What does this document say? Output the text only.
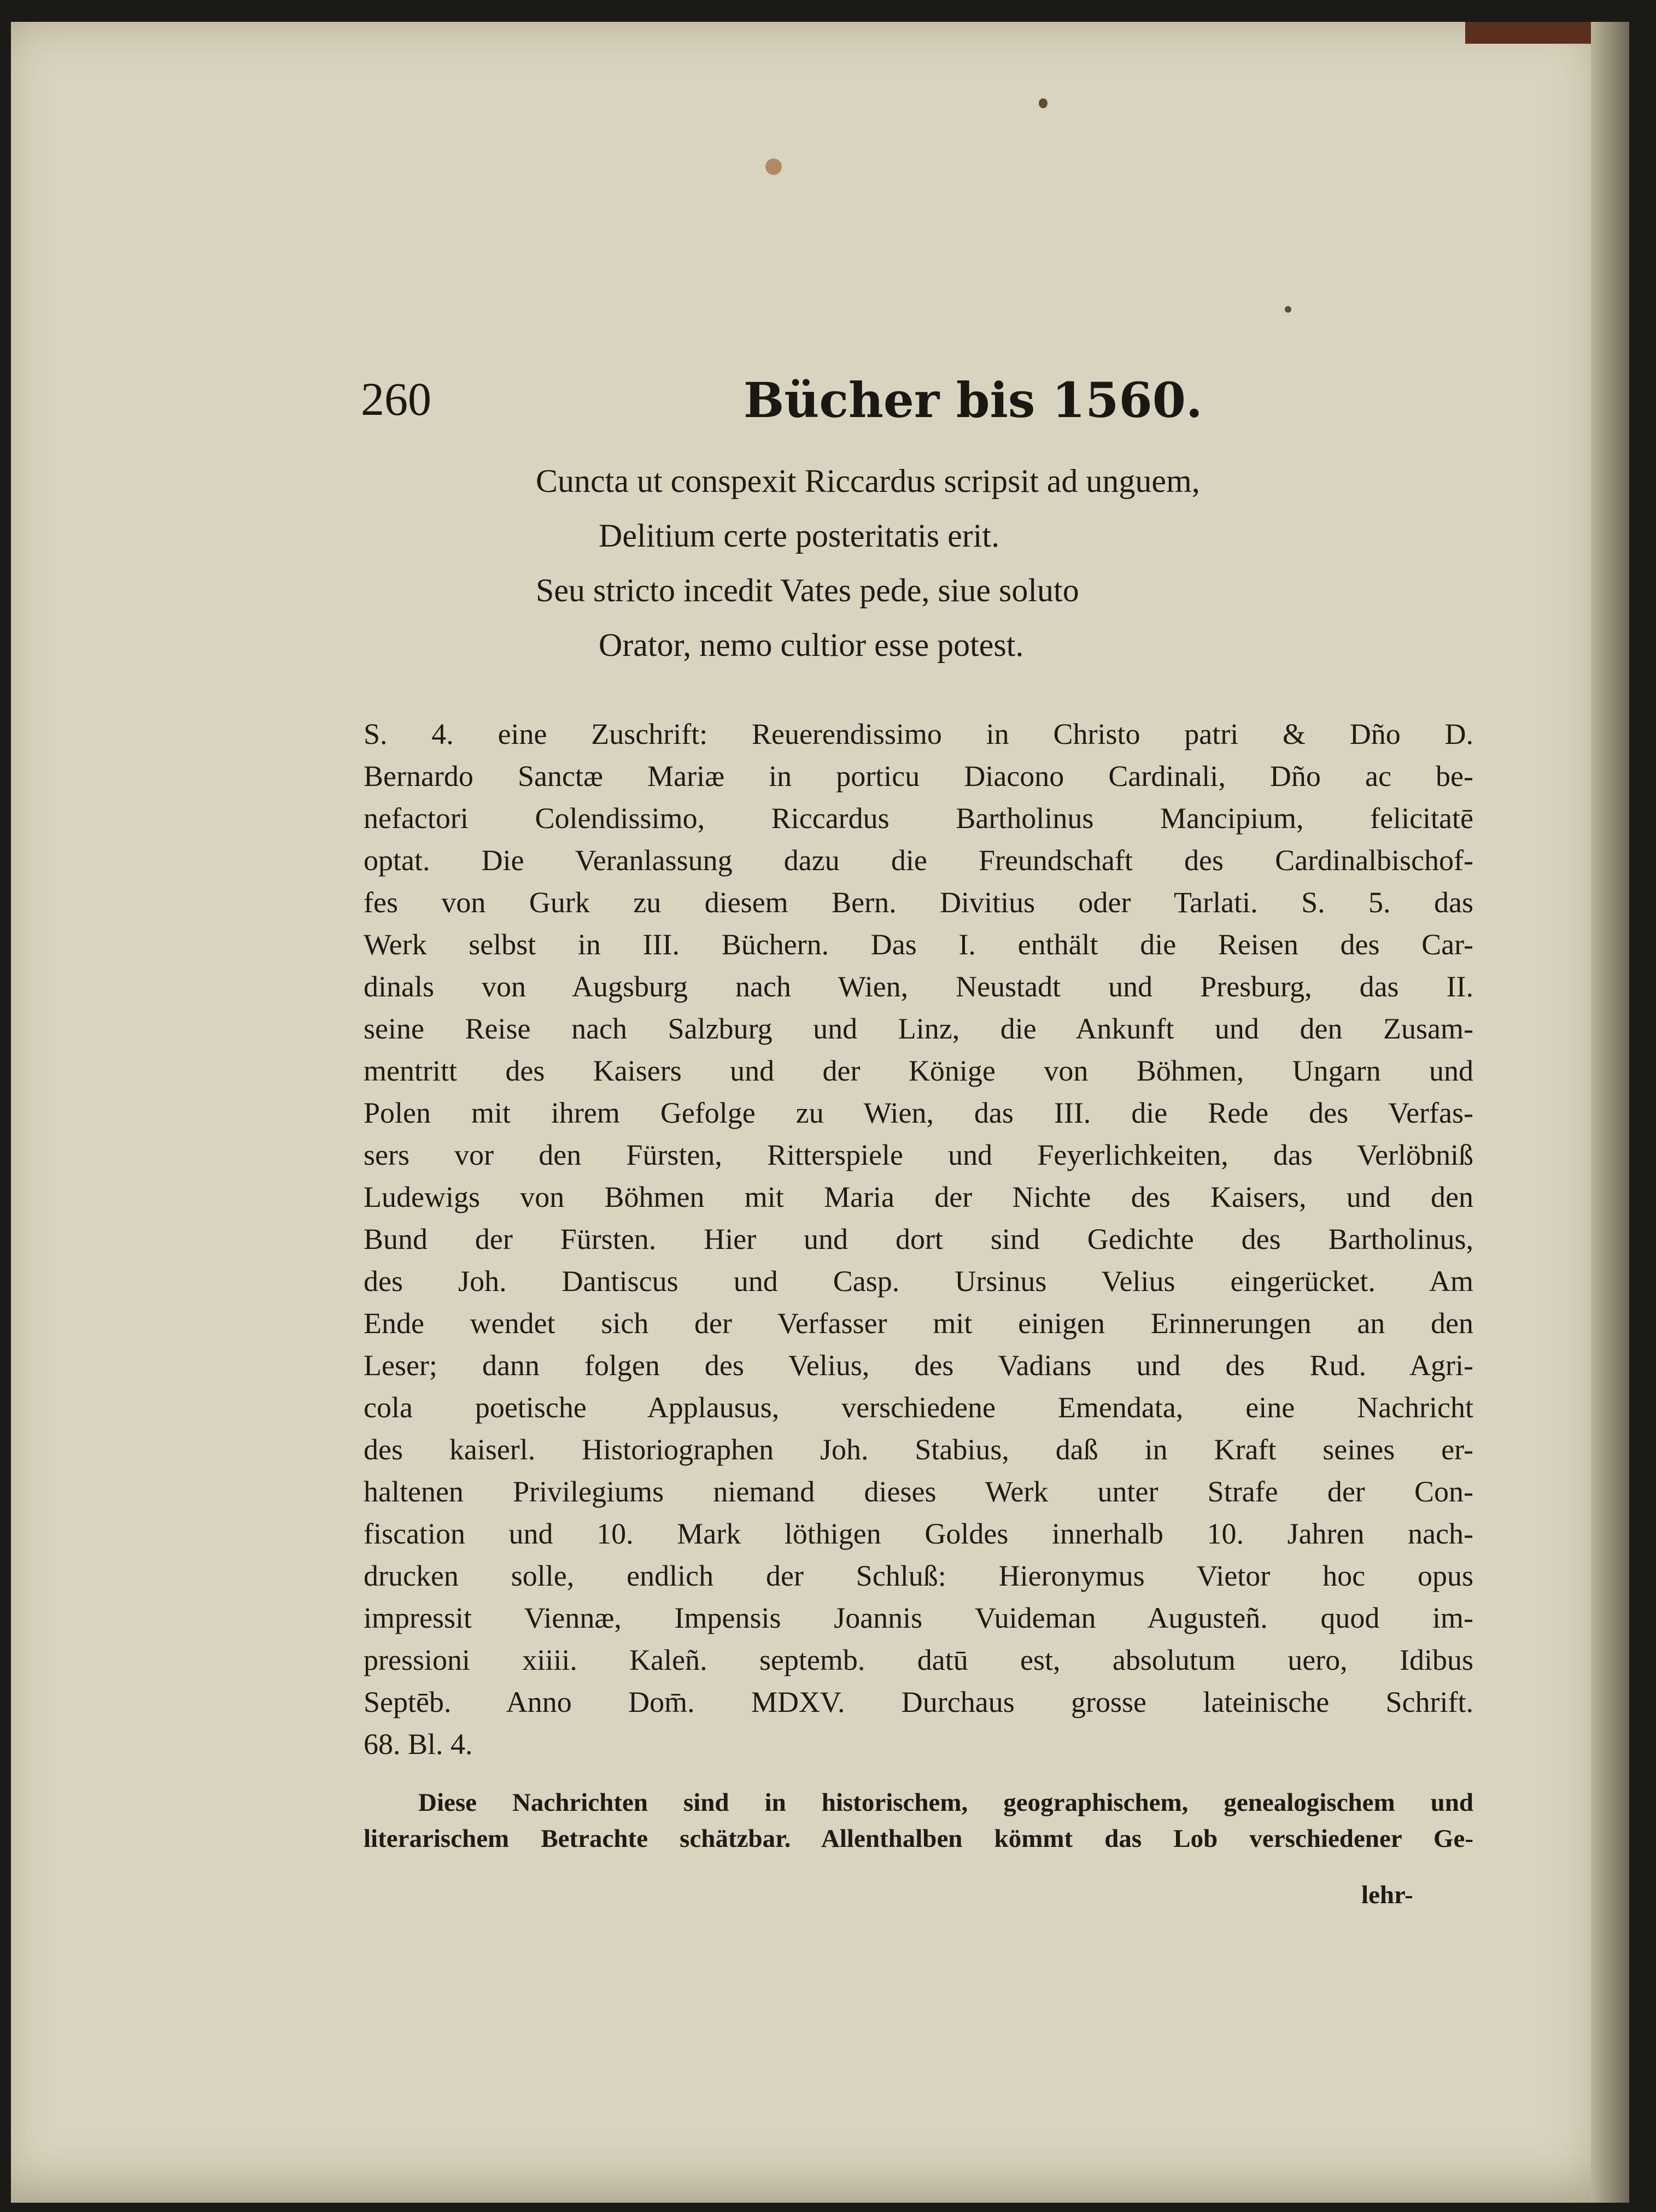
260	Bücher bis 1560.
Cuncta ut conspexit Riccardus scripsit ad unguem,
Delitium certe posteritatis erit.
Seu stricto incedit Vates pede, siue soluto
Orator, nemo cultior esse potest.
S. 4. eine Zuschrift: Reuerendissimo in Christo patri & Dño D.
Bernardo Sanctæ Mariæ in porticu Diacono Cardinali, Dño ac be-
nefactori Colendissimo, Riccardus Bartholinus Mancipium, felicitatē
optat. Die Veranlassung dazu die Freundschaft des Cardinalbischof-
fes von Gurk zu diesem Bern. Divitius oder Tarlati. S. 5. das
Werk selbst in III. Büchern. Das I. enthält die Reisen des Car-
dinals von Augsburg nach Wien, Neustadt und Presburg, das II.
seine Reise nach Salzburg und Linz, die Ankunft und den Zusam-
mentritt des Kaisers und der Könige von Böhmen, Ungarn und
Polen mit ihrem Gefolge zu Wien, das III. die Rede des Verfas-
sers vor den Fürsten, Ritterspiele und Feyerlichkeiten, das Verlöbniß
Ludewigs von Böhmen mit Maria der Nichte des Kaisers, und den
Bund der Fürsten. Hier und dort sind Gedichte des Bartholinus,
des Joh. Dantiscus und Casp. Ursinus Velius eingerücket. Am
Ende wendet sich der Verfasser mit einigen Erinnerungen an den
Leser; dann folgen des Velius, des Vadians und des Rud. Agri-
cola poetische Applausus, verschiedene Emendata, eine Nachricht
des kaiserl. Historiographen Joh. Stabius, daß in Kraft seines er-
haltenen Privilegiums niemand dieses Werk unter Strafe der Con-
fiscation und 10. Mark löthigen Goldes innerhalb 10. Jahren nach-
drucken solle, endlich der Schluß: Hieronymus Vietor hoc opus
impressit Viennæ, Impensis Joannis Vuideman Augusteñ. quod im-
pressioni xiiii. Kaleñ. septemb. datū est, absolutum uero, Idibus
Septēb. Anno Dom̄. MDXV. Durchaus grosse lateinische Schrift.
68. Bl. 4.
Diese Nachrichten sind in historischem, geographischem, genealogischem und
literarischem Betrachte schätzbar. Allenthalben kömmt das Lob verschiedener Ge-
lehr-
